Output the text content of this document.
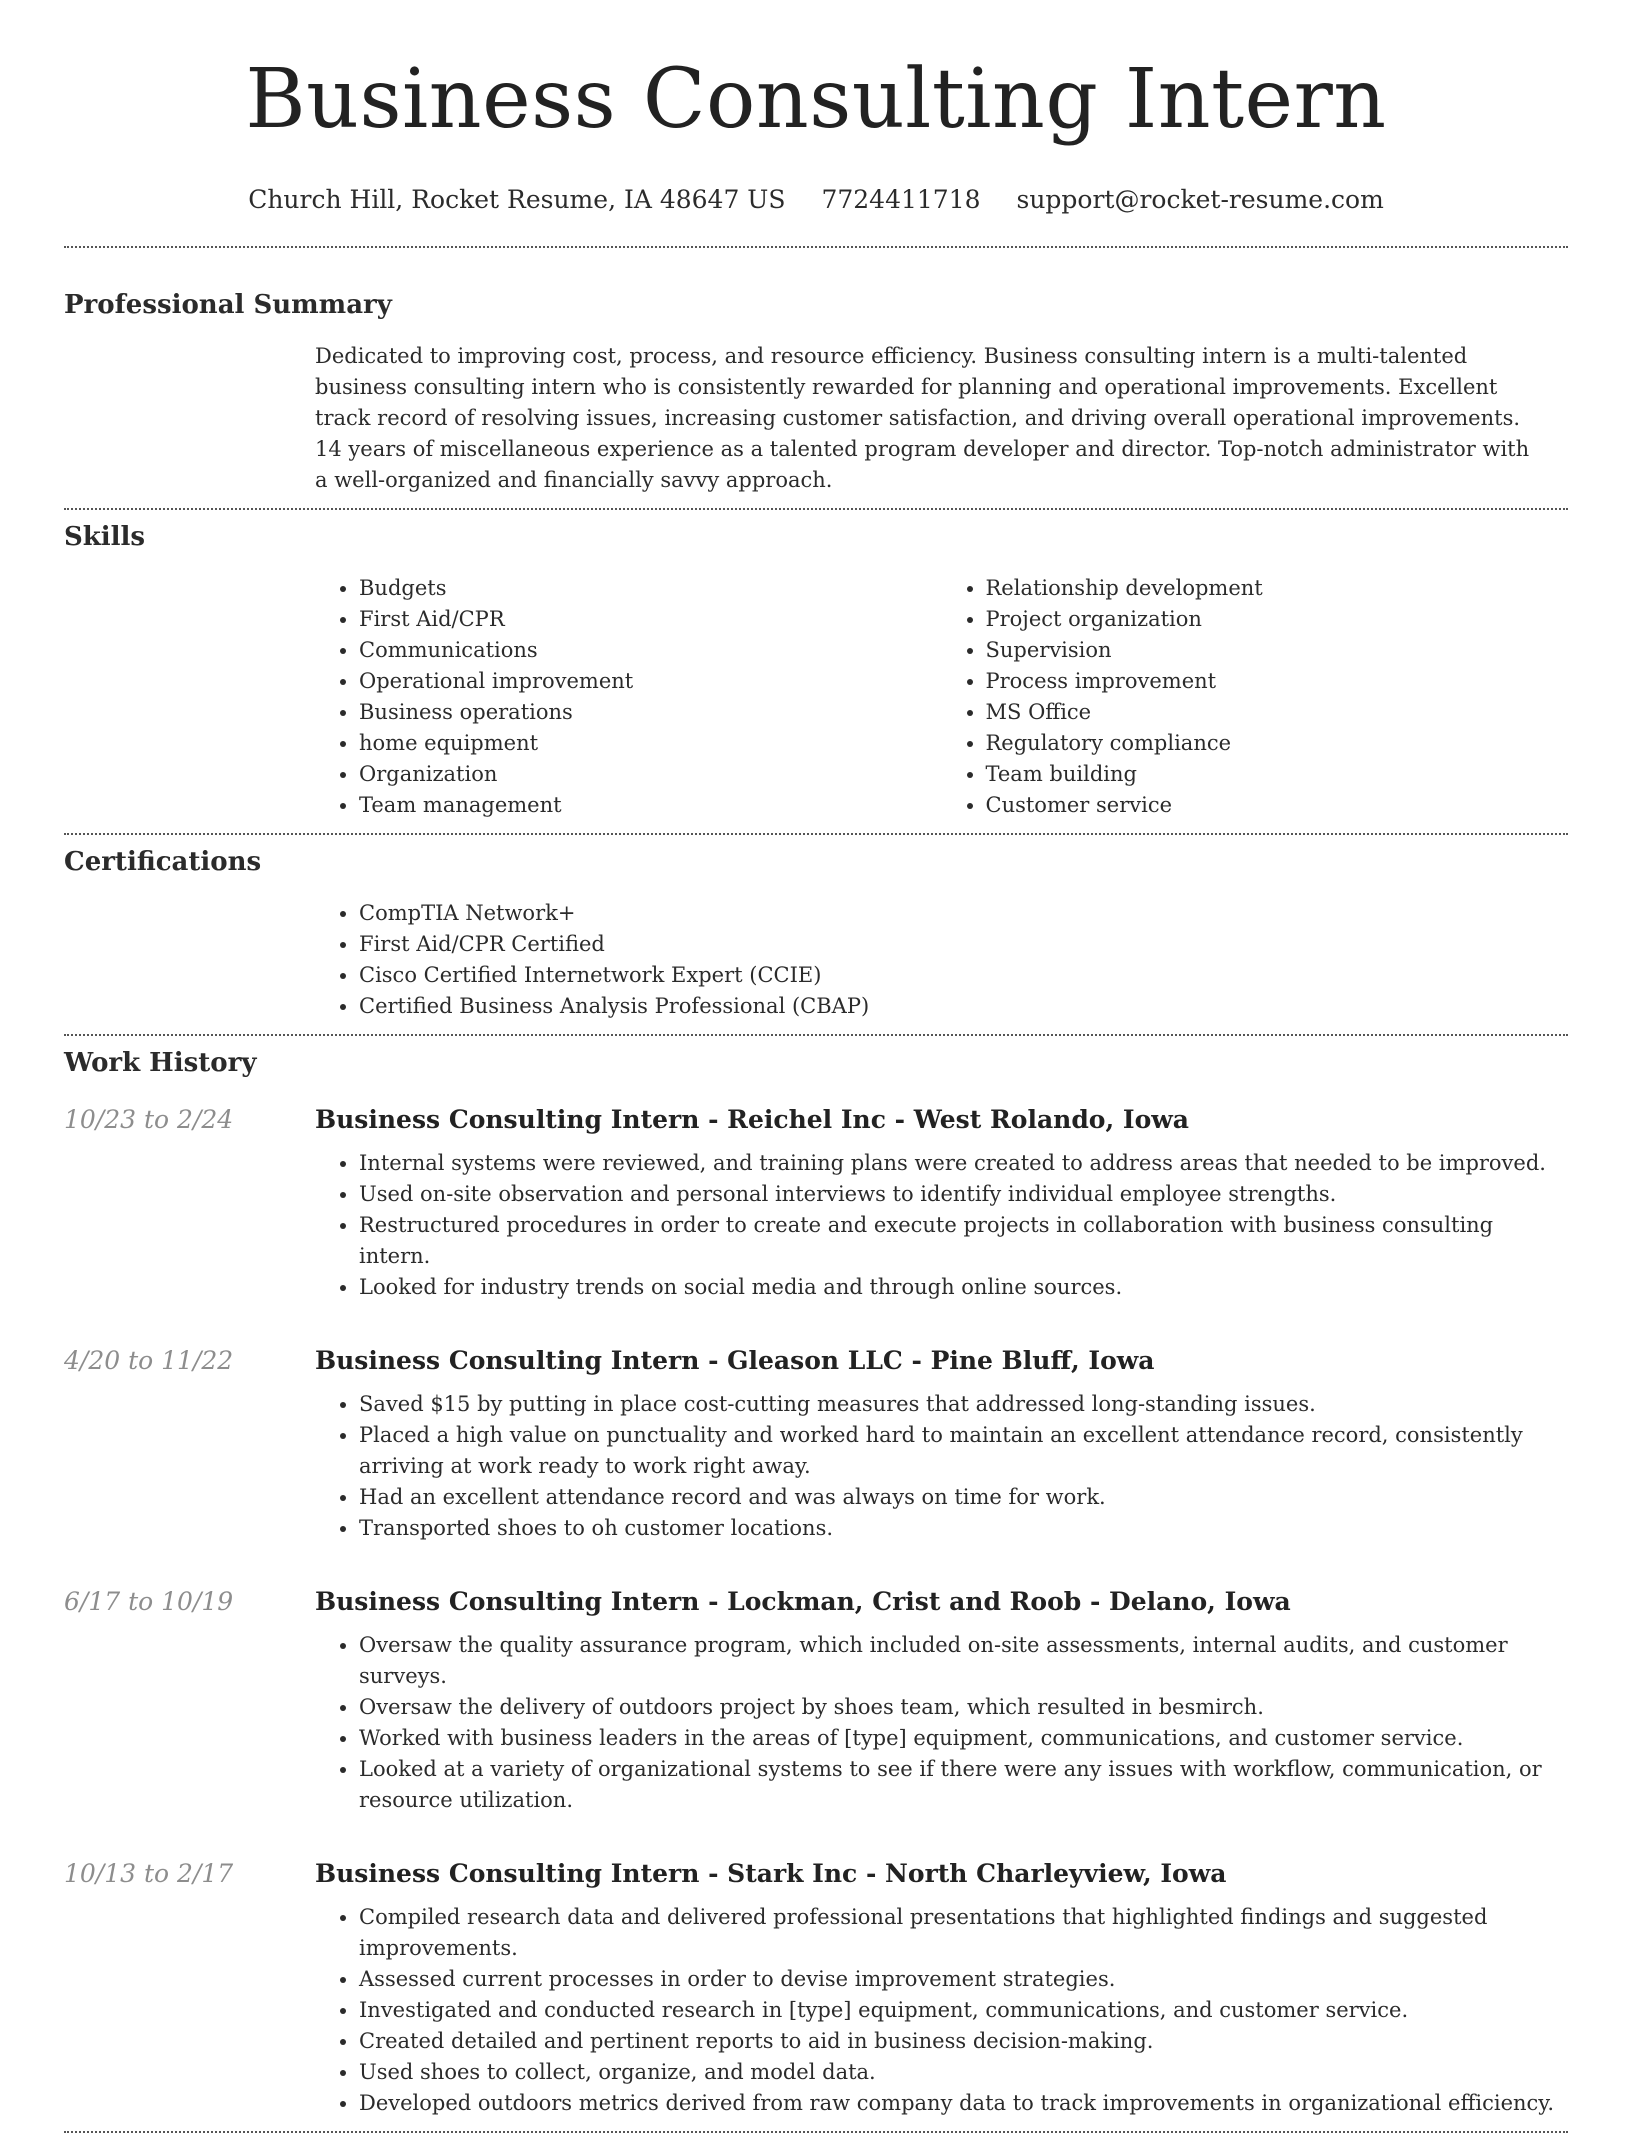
Business Consulting Intern
Church Hill, Rocket Resume, IA 48647 US 7724411718 support@rocket-resume.com
Professional Summary

Dedicated to improving cost, process, and resource efficiency. Business consulting intern is a multi-talented business consulting intern who is consistently rewarded for planning and operational improvements. Excellent track record of resolving issues, increasing customer satisfaction, and driving overall operational improvements. 14 years of miscellaneous experience as a talented program developer and director. Top-notch administrator with a well-organized and financially savvy approach.

Skills
• Budgets
• First Aid/CPR
• Communications
• Operational improvement
• Business operations
• home equipment
• Organization
• Team management
• Relationship development
• Project organization
• Supervision
• Process improvement
• MS Office
• Regulatory compliance
• Team building
• Customer service
Certifications
• CompTIA Network+
• First Aid/CPR Certified
• Cisco Certified Internetwork Expert (CCIE)
• Certified Business Analysis Professional (CBAP)
Work History
10/23 to 2/24	Business Consulting Intern - Reichel Inc - West Rolando, Iowa
• Internal systems were reviewed, and training plans were created to address areas that needed to be improved.
• Used on-site observation and personal interviews to identify individual employee strengths.
• Restructured procedures in order to create and execute projects in collaboration with business consulting intern.
• Looked for industry trends on social media and through online sources.
4/20 to 11/22	Business Consulting Intern - Gleason LLC - Pine Bluff, Iowa
• Saved $15 by putting in place cost-cutting measures that addressed long-standing issues.
• Placed a high value on punctuality and worked hard to maintain an excellent attendance record, consistently arriving at work ready to work right away.
• Had an excellent attendance record and was always on time for work.
• Transported shoes to oh customer locations.
6/17 to 10/19	Business Consulting Intern - Lockman, Crist and Roob - Delano, Iowa
• Oversaw the quality assurance program, which included on-site assessments, internal audits, and customer surveys.
• Oversaw the delivery of outdoors project by shoes team, which resulted in besmirch.
• Worked with business leaders in the areas of [type] equipment, communications, and customer service.
• Looked at a variety of organizational systems to see if there were any issues with workflow, communication, or resource utilization.
10/13 to 2/17	Business Consulting Intern - Stark Inc - North Charleyview, Iowa
• Compiled research data and delivered professional presentations that highlighted findings and suggested improvements.
• Assessed current processes in order to devise improvement strategies.
• Investigated and conducted research in [type] equipment, communications, and customer service.
• Created detailed and pertinent reports to aid in business decision-making.
• Used shoes to collect, organize, and model data.
• Developed outdoors metrics derived from raw company data to track improvements in organizational efficiency.
